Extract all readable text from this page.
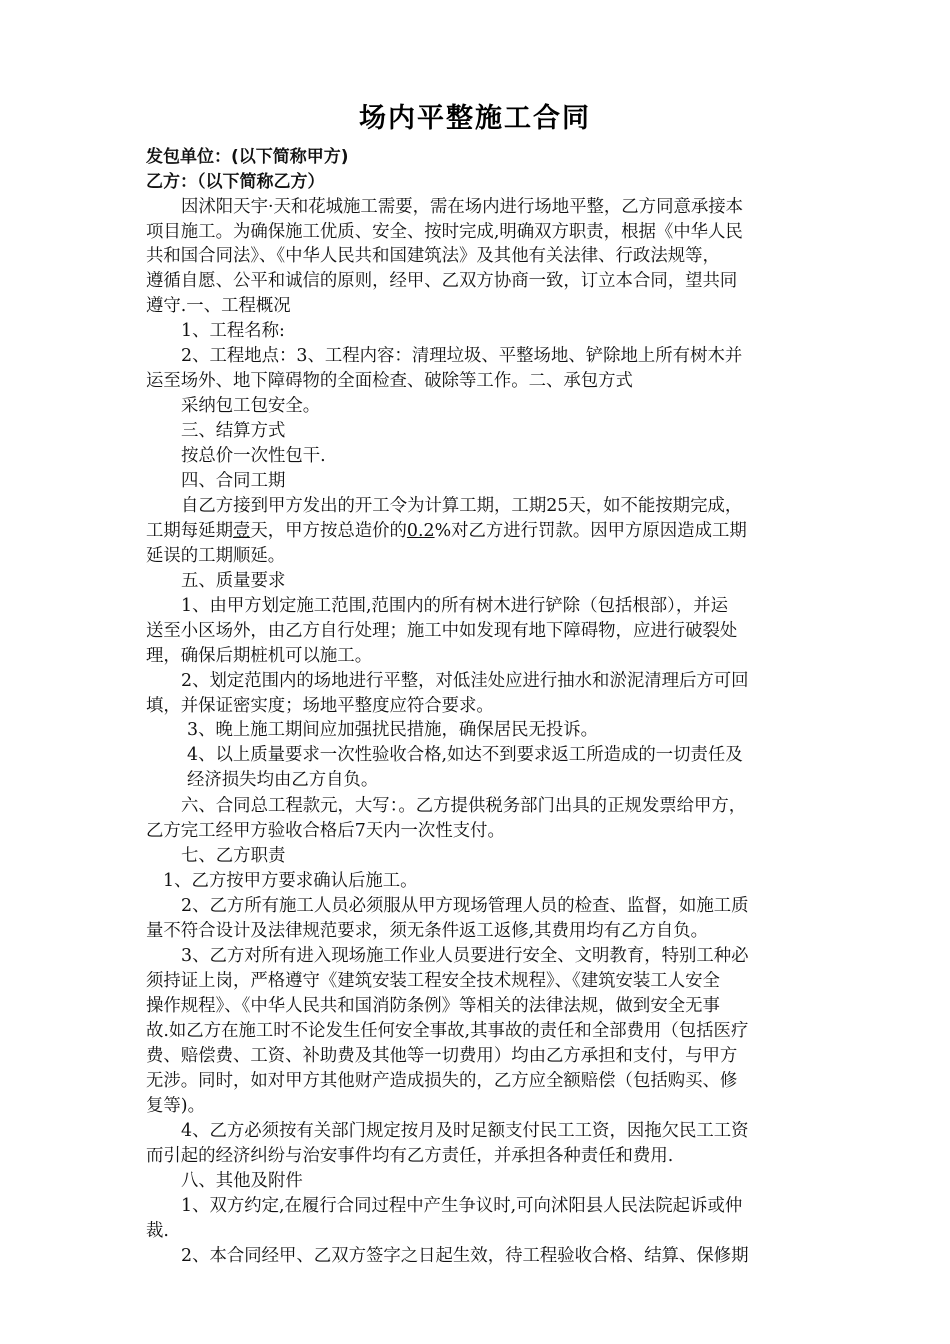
场内平整施工合同
发包单位：(以下简称甲方)
乙方：（以下简称乙方）
因沭阳天宇·天和花城施工需要，需在场内进行场地平整，乙方同意承接本
项目施工。为确保施工优质、安全、按时完成,明确双方职责，根据《中华人民
共和国合同法》、《中华人民共和国建筑法》及其他有关法律、行政法规等，
遵循自愿、公平和诚信的原则，经甲、乙双方协商一致，订立本合同，望共同
遵守.一、工程概况
1、工程名称:
2、工程地点：3、工程内容：清理垃圾、平整场地、铲除地上所有树木并
运至场外、地下障碍物的全面检查、破除等工作。二、承包方式
采纳包工包安全。
三、结算方式
按总价一次性包干.
四、合同工期
自乙方接到甲方发出的开工令为计算工期，工期25天，如不能按期完成，
工期每延期壹天，甲方按总造价的0.2%对乙方进行罚款。因甲方原因造成工期
延误的工期顺延。
五、质量要求
1、由甲方划定施工范围,范围内的所有树木进行铲除（包括根部），并运
送至小区场外，由乙方自行处理；施工中如发现有地下障碍物，应进行破裂处
理，确保后期桩机可以施工。
2、划定范围内的场地进行平整，对低洼处应进行抽水和淤泥清理后方可回
填，并保证密实度；场地平整度应符合要求。
3、晚上施工期间应加强扰民措施，确保居民无投诉。
4、以上质量要求一次性验收合格,如达不到要求返工所造成的一切责任及
经济损失均由乙方自负。
六、合同总工程款元，大写：。乙方提供税务部门出具的正规发票给甲方，
乙方完工经甲方验收合格后7天内一次性支付。
七、乙方职责
1、乙方按甲方要求确认后施工。
2、乙方所有施工人员必须服从甲方现场管理人员的检查、监督，如施工质
量不符合设计及法律规范要求，须无条件返工返修,其费用均有乙方自负。
3、乙方对所有进入现场施工作业人员要进行安全、文明教育，特别工种必
须持证上岗，严格遵守《建筑安装工程安全技术规程》、《建筑安装工人安全
操作规程》、《中华人民共和国消防条例》等相关的法律法规，做到安全无事
故.如乙方在施工时不论发生任何安全事故,其事故的责任和全部费用（包括医疗
费、赔偿费、工资、补助费及其他等一切费用）均由乙方承担和支付，与甲方
无涉。同时，如对甲方其他财产造成损失的，乙方应全额赔偿（包括购买、修
复等)。
4、乙方必须按有关部门规定按月及时足额支付民工工资，因拖欠民工工资
而引起的经济纠纷与治安事件均有乙方责任，并承担各种责任和费用.
八、其他及附件
1、双方约定,在履行合同过程中产生争议时,可向沭阳县人民法院起诉或仲
裁.
2、本合同经甲、乙双方签字之日起生效，待工程验收合格、结算、保修期
